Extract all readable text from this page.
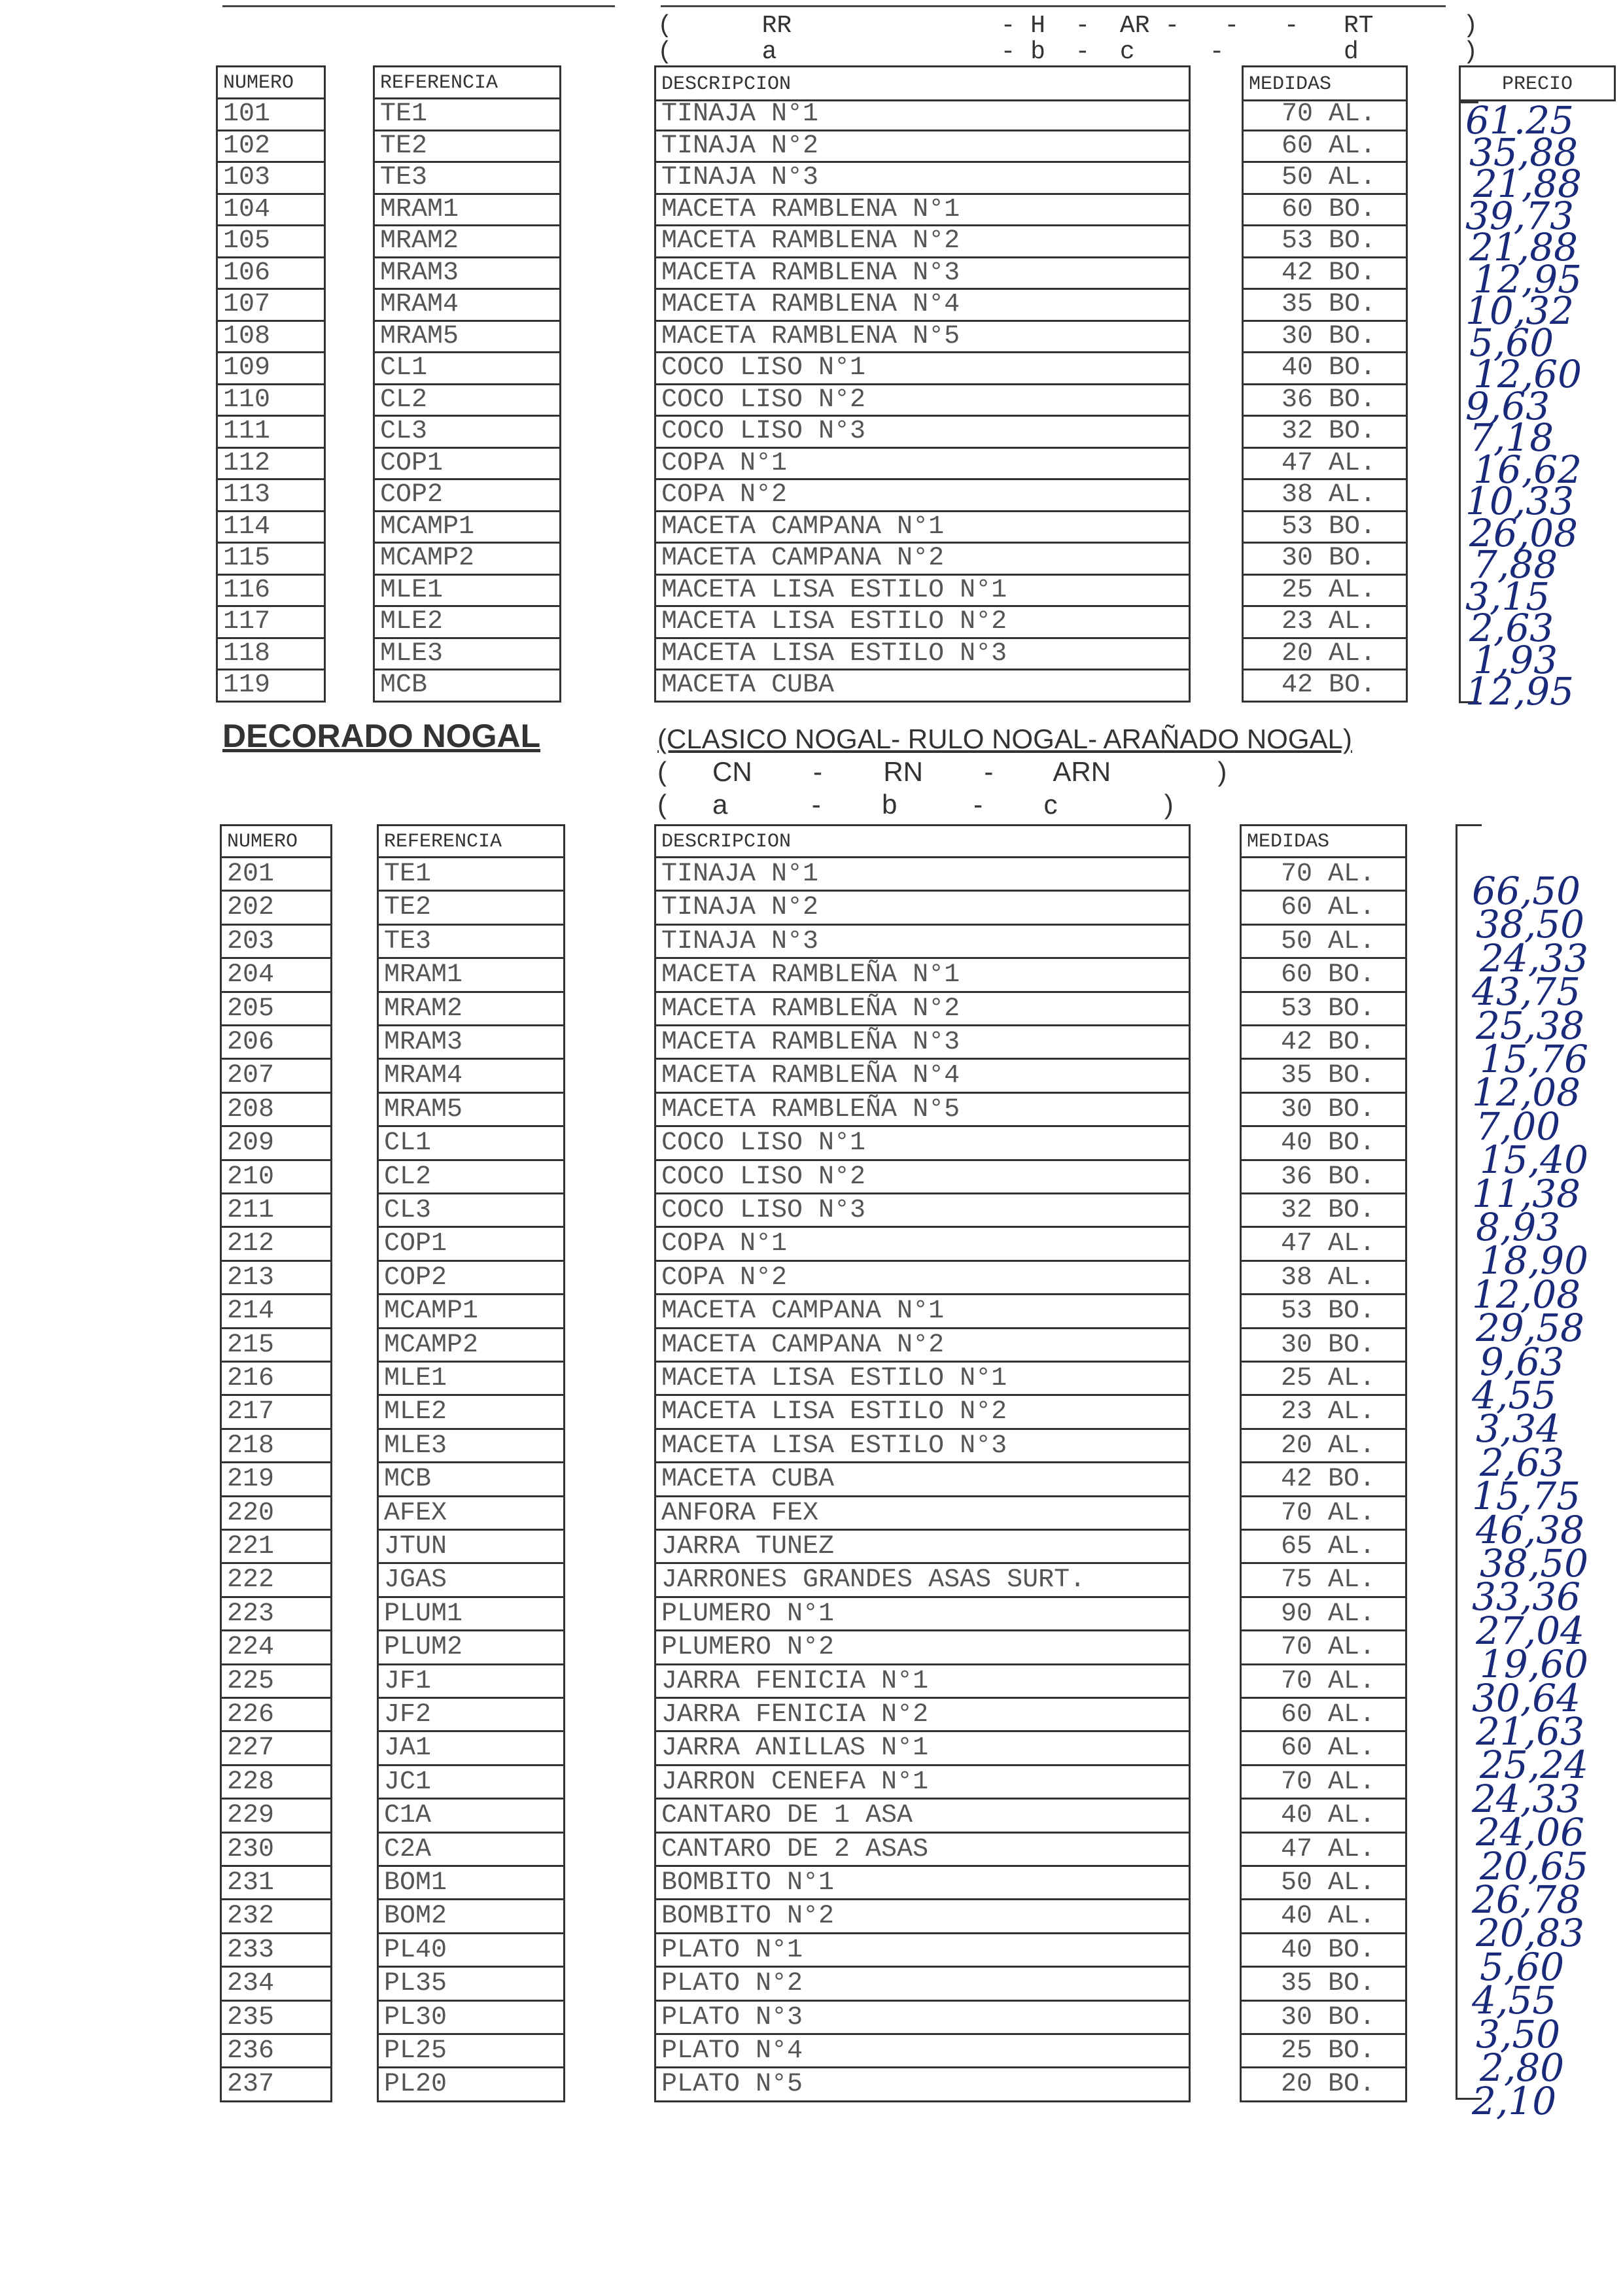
(      RR              - H  -  AR -   -   -   RT      )
(      a               - b  -  c     -        d       )
NUMERO	REFERENCIA	DESCRIPCION	MEDIDAS	PRECIO
101	TE1	TINAJA N°1	70 AL.	61.25
102	TE2	TINAJA N°2	60 AL.	35,88
103	TE3	TINAJA N°3	50 AL.	21,88
104	MRAM1	MACETA RAMBLENA N°1	60 BO.	39,73
105	MRAM2	MACETA RAMBLENA N°2	53 BO.	21,88
106	MRAM3	MACETA RAMBLENA N°3	42 BO.	12,95
107	MRAM4	MACETA RAMBLENA N°4	35 BO.	10,32
108	MRAM5	MACETA RAMBLENA N°5	30 BO.	5,60
109	CL1	COCO LISO N°1	40 BO.	12,60
110	CL2	COCO LISO N°2	36 BO.	9,63
111	CL3	COCO LISO N°3	32 BO.	7,18
112	COP1	COPA N°1	47 AL.	16,62
113	COP2	COPA N°2	38 AL.	10,33
114	MCAMP1	MACETA CAMPANA N°1	53 BO.	26,08
115	MCAMP2	MACETA CAMPANA N°2	30 BO.	7,88
116	MLE1	MACETA LISA ESTILO N°1	25 AL.	3,15
117	MLE2	MACETA LISA ESTILO N°2	23 AL.	2,63
118	MLE3	MACETA LISA ESTILO N°3	20 AL.	1,93
119	MCB	MACETA CUBA	42 BO.	12,95
DECORADO NOGAL	(CLASICO NOGAL- RULO NOGAL- ARAÑADO NOGAL)
(      CN        -        RN        -        ARN              )
(      a           -        b          -        c              )
NUMERO	REFERENCIA	DESCRIPCION	MEDIDAS
201	TE1	TINAJA N°1	70 AL.	66,50
202	TE2	TINAJA N°2	60 AL.	38,50
203	TE3	TINAJA N°3	50 AL.	24,33
204	MRAM1	MACETA RAMBLEÑA N°1	60 BO.	43,75
205	MRAM2	MACETA RAMBLEÑA N°2	53 BO.	25,38
206	MRAM3	MACETA RAMBLEÑA N°3	42 BO.	15,76
207	MRAM4	MACETA RAMBLEÑA N°4	35 BO.	12,08
208	MRAM5	MACETA RAMBLEÑA N°5	30 BO.	7,00
209	CL1	COCO LISO N°1	40 BO.	15,40
210	CL2	COCO LISO N°2	36 BO.	11,38
211	CL3	COCO LISO N°3	32 BO.	8,93
212	COP1	COPA N°1	47 AL.	18,90
213	COP2	COPA N°2	38 AL.	12,08
214	MCAMP1	MACETA CAMPANA N°1	53 BO.	29,58
215	MCAMP2	MACETA CAMPANA N°2	30 BO.	9,63
216	MLE1	MACETA LISA ESTILO N°1	25 AL.	4,55
217	MLE2	MACETA LISA ESTILO N°2	23 AL.	3,34
218	MLE3	MACETA LISA ESTILO N°3	20 AL.	2,63
219	MCB	MACETA CUBA	42 BO.	15,75
220	AFEX	ANFORA FEX	70 AL.	46,38
221	JTUN	JARRA TUNEZ	65 AL.	38,50
222	JGAS	JARRONES GRANDES ASAS SURT.	75 AL.	33,36
223	PLUM1	PLUMERO N°1	90 AL.	27,04
224	PLUM2	PLUMERO N°2	70 AL.	19,60
225	JF1	JARRA FENICIA N°1	70 AL.	30,64
226	JF2	JARRA FENICIA N°2	60 AL.	21,63
227	JA1	JARRA ANILLAS N°1	60 AL.	25,24
228	JC1	JARRON CENEFA N°1	70 AL.	24,33
229	C1A	CANTARO DE 1 ASA	40 AL.	24,06
230	C2A	CANTARO DE 2 ASAS	47 AL.	20,65
231	BOM1	BOMBITO N°1	50 AL.	26,78
232	BOM2	BOMBITO N°2	40 AL.	20,83
233	PL40	PLATO N°1	40 BO.	5,60
234	PL35	PLATO N°2	35 BO.	4,55
235	PL30	PLATO N°3	30 BO.	3,50
236	PL25	PLATO N°4	25 BO.	2,80
237	PL20	PLATO N°5	20 BO.	2,10
